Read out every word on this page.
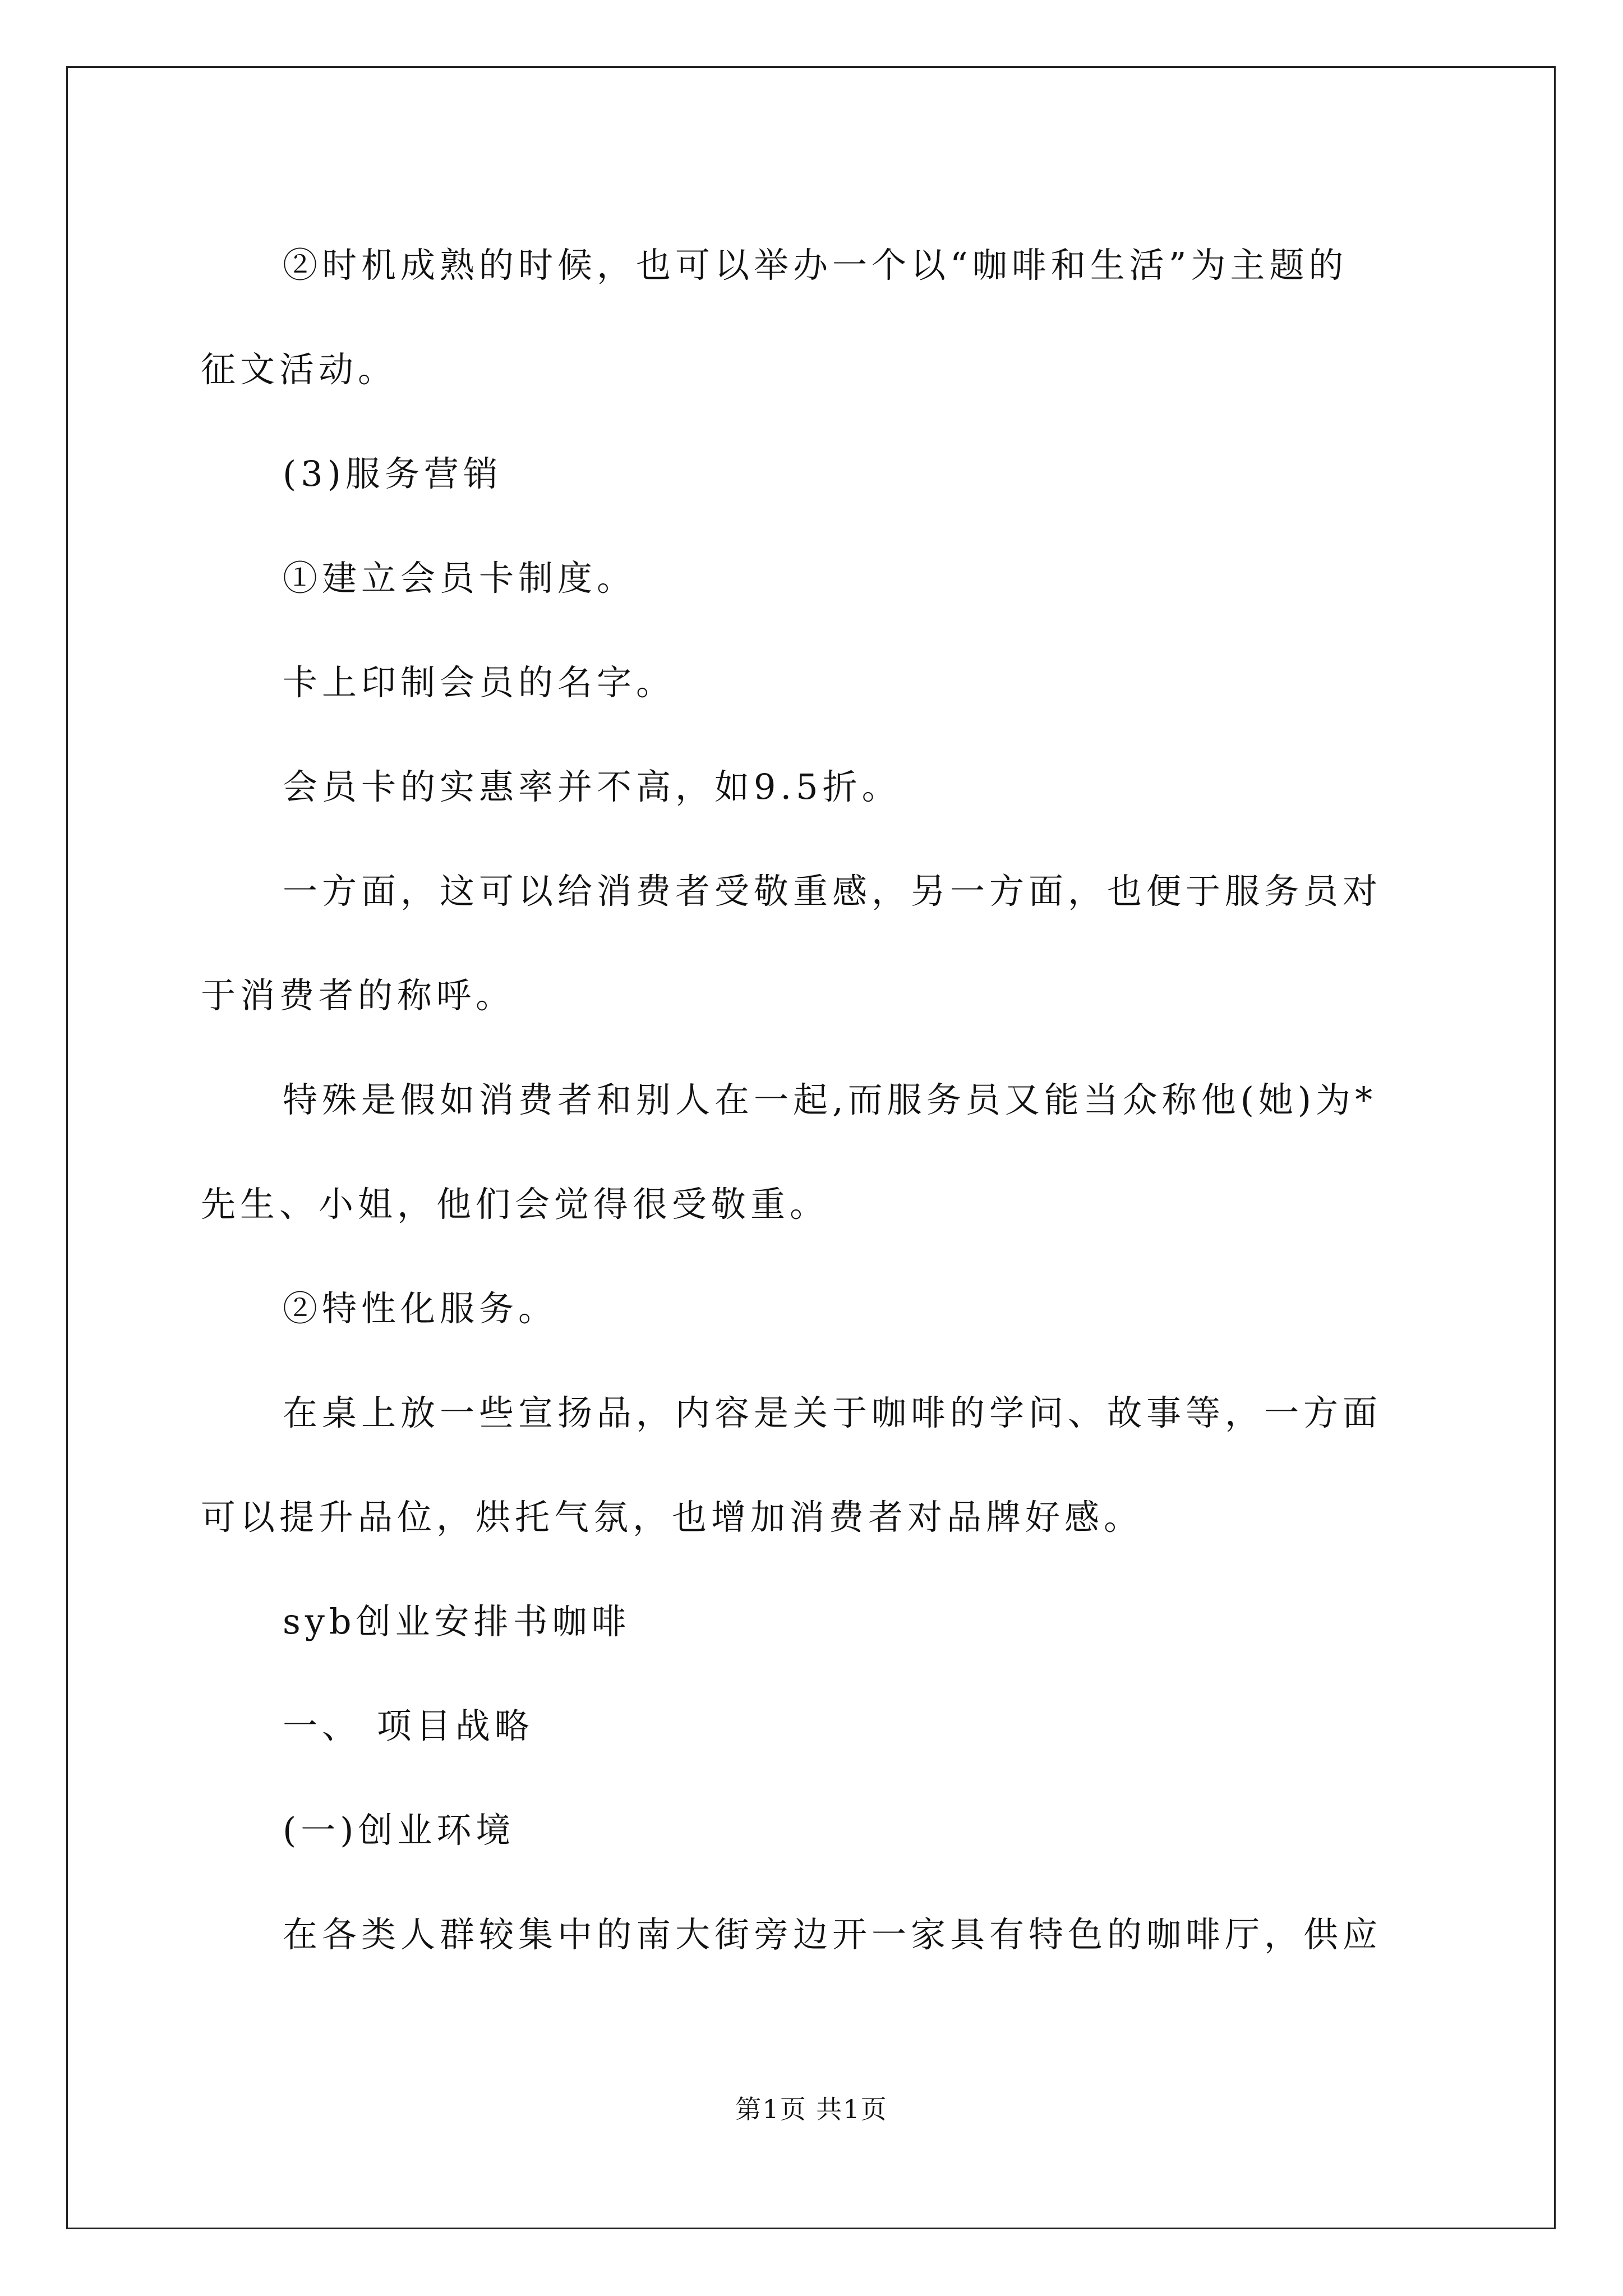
②时机成熟的时候，也可以举办一个以“咖啡和生活”为主题的
征文活动。
(3)服务营销
①建立会员卡制度。
卡上印制会员的名字。
会员卡的实惠率并不高，如9.5折。
一方面，这可以给消费者受敬重感，另一方面，也便于服务员对
于消费者的称呼。
特殊是假如消费者和别人在一起,而服务员又能当众称他(她)为*
先生、小姐，他们会觉得很受敬重。
②特性化服务。
在桌上放一些宣扬品，内容是关于咖啡的学问、故事等，一方面
可以提升品位，烘托气氛，也增加消费者对品牌好感。
syb创业安排书咖啡
一、 项目战略
(一)创业环境
在各类人群较集中的南大街旁边开一家具有特色的咖啡厅，供应
第1页 共1页
